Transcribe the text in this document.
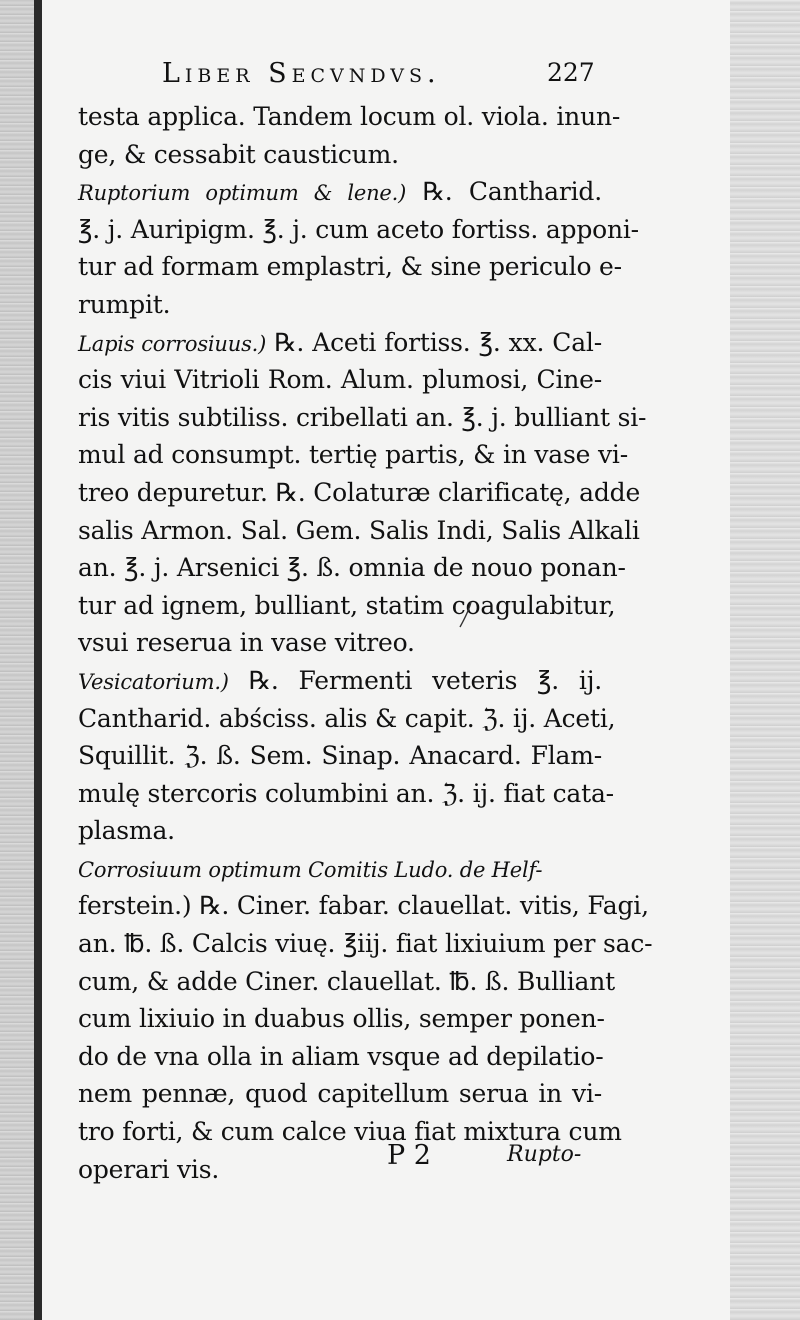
Liber Secvndvs.	227
testa applica. Tandem locum ol. viola. inun-
ge, & cessabit causticum.
Ruptorium optimum & lene.) ℞. Cantharid.
℥. j. Auripigm. ℥. j. cum aceto fortiss. apponi-
tur ad formam emplastri, & sine periculo e-
rumpit.
Lapis corrosiuus.) ℞. Aceti fortiss. ℥. xx. Cal-
cis viui Vitrioli Rom. Alum. plumosi, Cine-
ris vitis subtiliss. cribellati an. ℥. j. bulliant si-
mul ad consumpt. tertię partis, & in vase vi-
treo depuretur. ℞. Colaturæ clarificatę, adde
salis Armon. Sal. Gem. Salis Indi, Salis Alkali
an. ℥. j. Arsenici ℥. ß. omnia de nouo ponan-
tur ad ignem, bulliant, statim coagulabitur,
vsui reserua in vase vitreo.
Vesicatorium.) ℞. Fermenti veteris ℥. ij.
Cantharid. abściss. alis & capit. ℨ. ij. Aceti,
Squillit. ℨ. ß. Sem. Sinap. Anacard. Flam-
mulę stercoris columbini an. ℨ. ij. fiat cata-
plasma.
Corrosiuum optimum Comitis Ludo. de Helf-
ferstein.) ℞. Ciner. fabar. clauellat. vitis, Fagi,
an. ℔. ß. Calcis viuę. ℥iij. fiat lixiuium per sac-
cum, & adde Ciner. clauellat. ℔. ß. Bulliant
cum lixiuio in duabus ollis, semper ponen-
do de vna olla in aliam vsque ad depilatio-
nem pennæ, quod capitellum serua in vi-
tro forti, & cum calce viua fiat mixtura cum
operari vis.	P 2	Rupto-
